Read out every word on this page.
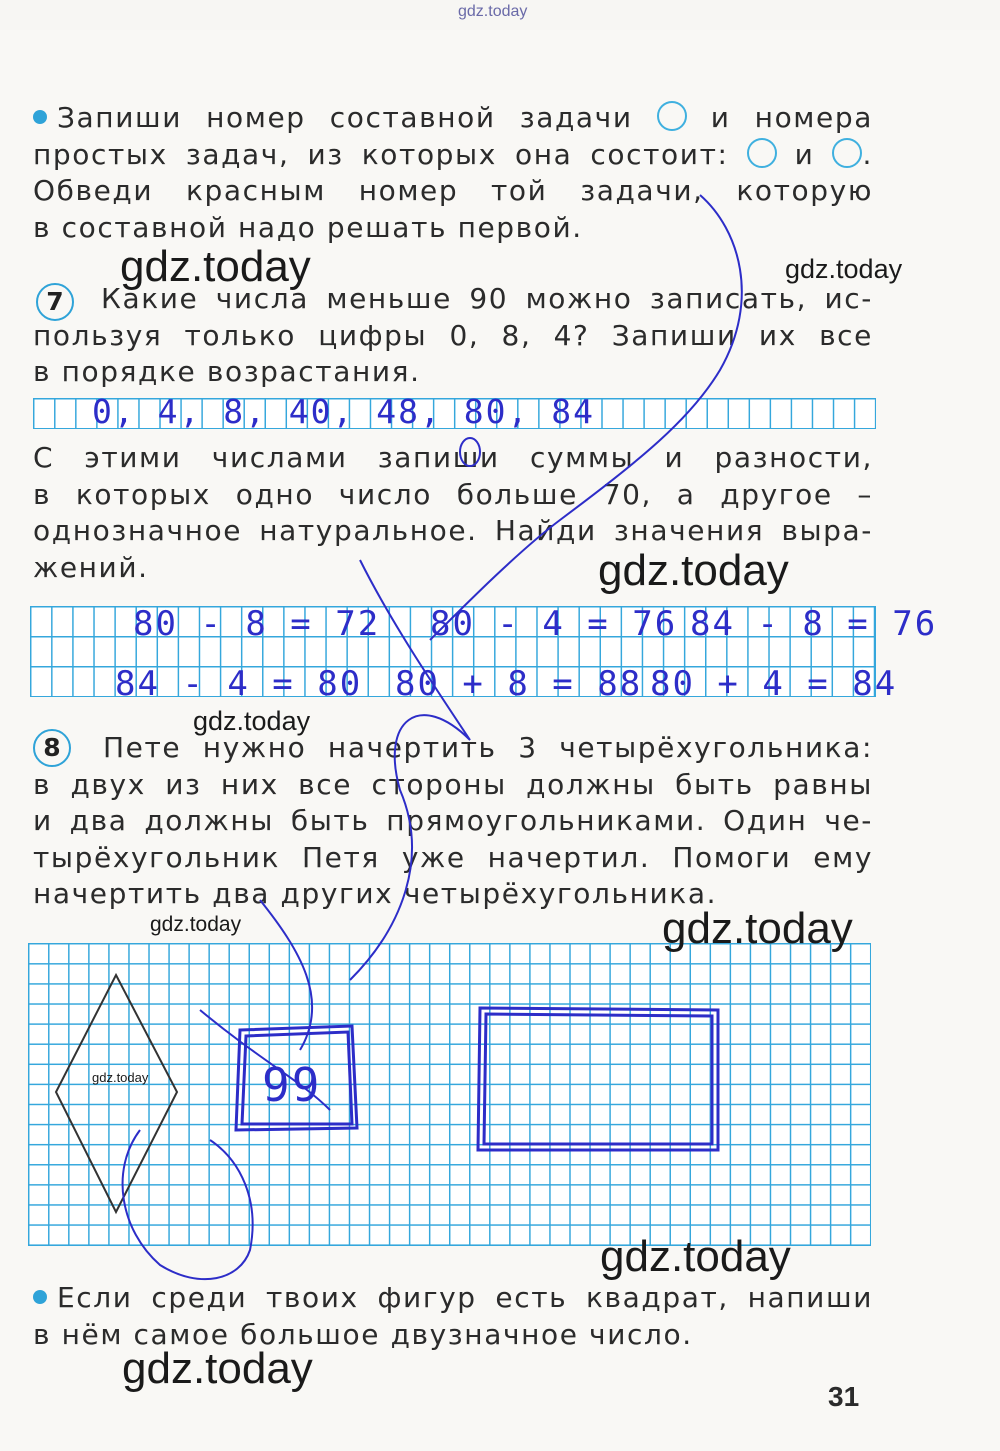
gdz.today
Запиши номер составной задачи	и номера
простых задач, из которых она состоит: и .
Обведи красным номер той задачи, которую
в составной надо решать первой.
7	Какие числа меньше 90 можно записать, ис-
пользуя только цифры 0, 8, 4? Запиши их все
в порядке возрастания.
0, 4, 8, 40, 48, 80, 84
С этими числами запиши суммы и разности,
в которых одно число больше 70, а другое –
однозначное натуральное. Найди значения выра-
жений.
80 - 8 = 72 80 - 4 = 76 84 - 8 = 76
84 - 4 = 80 80 + 8 = 88 80 + 4 = 84
8	Пете нужно начертить 3 четырёхугольника:
в двух из них все стороны должны быть равны
и два должны быть прямоугольниками. Один че-
тырёхугольник Петя уже начертил. Помоги ему
начертить два других четырёхугольника.
99
Если среди твоих фигур есть квадрат, напиши
в нём самое большое двузначное число.
gdz.today	gdz.today
gdz.today
gdz.today
gdz.today	gdz.today
gdz.today
gdz.today
gdz.today
31
